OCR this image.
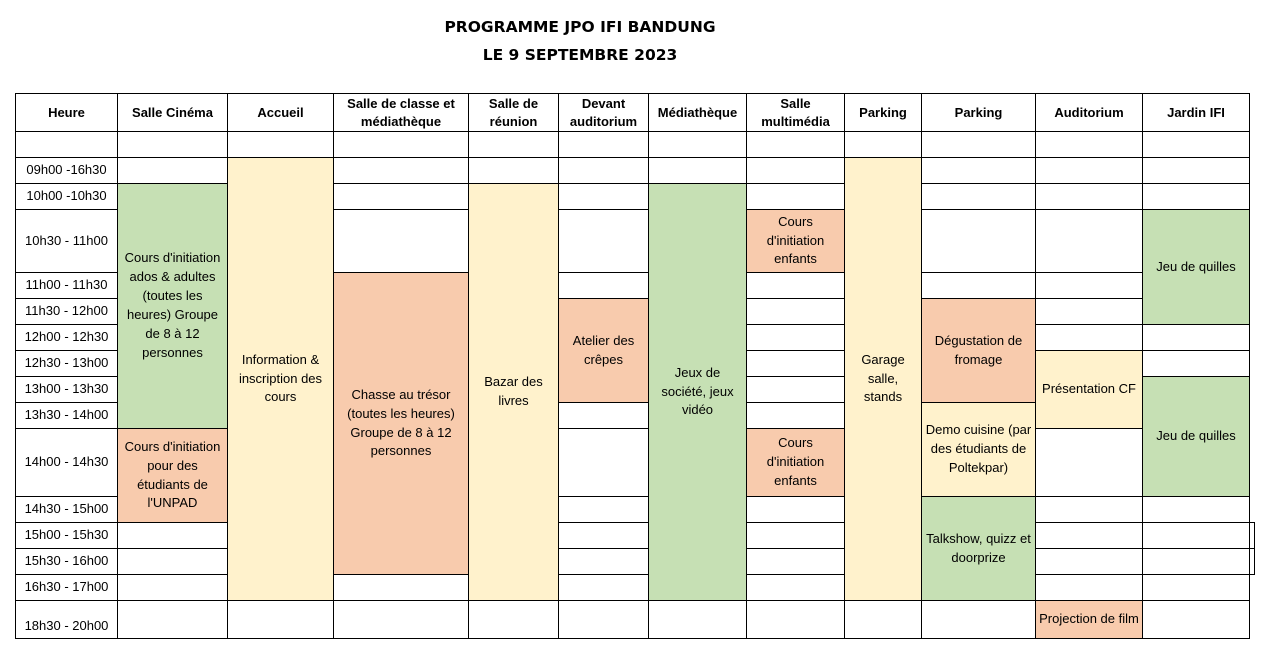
PROGRAMME JPO IFI BANDUNG
LE 9 SEPTEMBRE 2023
Heure	Salle Cinéma	Accueil	Salle de classe et médiathèque	Salle de réunion	Devant auditorium	Médiathèque	Salle multimédia	Parking	Parking	Auditorium	Jardin IFI	

09h00 -16h30		Information & inscription des cours						Garage salle, stands				
10h00 -10h30	Cours d'initiation ados & adultes (toutes les heures) Groupe de 8 à 12 personnes			Bazar des livres		Jeux de société, jeux vidéo						
10h30 - 11h00							Cours d'initiation enfants				Jeu de quilles	

11h00 - 11h30			Chasse au trésor (toutes les heures) Groupe de 8 à 12 personnes									
11h30 - 12h00					Atelier des crêpes				Dégustation de fromage			
12h00 - 12h30												
12h30 - 13h00										Présentation CF		
13h00 - 13h30											Jeu de quilles	
13h30 - 14h00									Demo cuisine (par des étudiants de Poltekpar)			
14h00 - 14h30	Cours d'initiation pour des étudiants de l'UNPAD						Cours d'initiation enfants					

14h30 - 15h00									Talkshow, quizz et doorprize			
15h00 - 15h30												
15h30 - 16h00												
16h30 - 17h00												
18h30 - 20h00										Projection de film		
